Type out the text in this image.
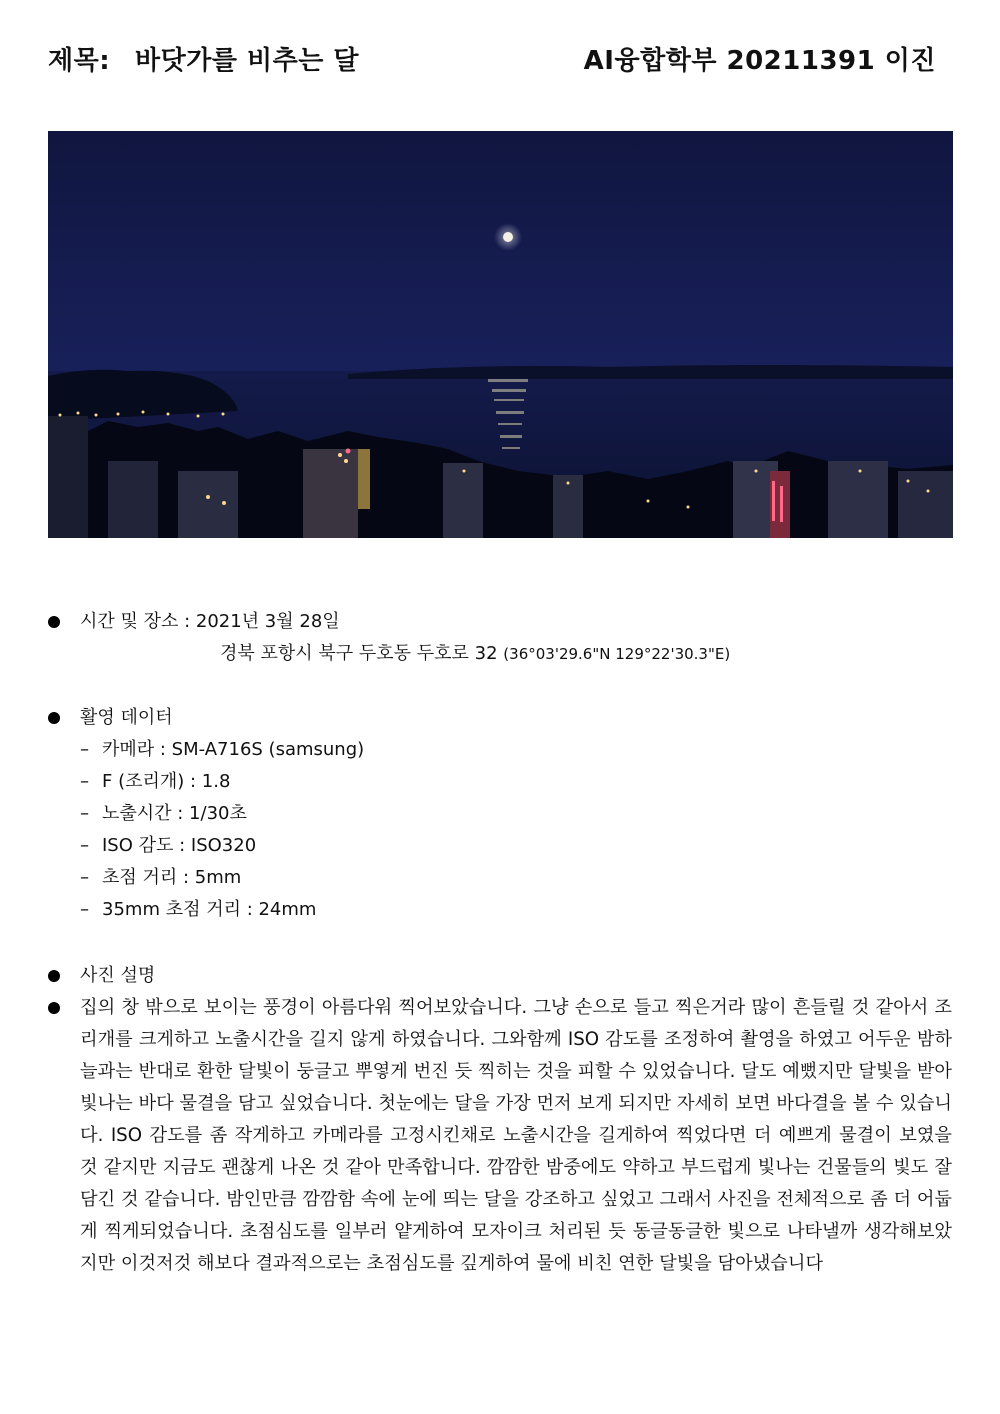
제목: 바닷가를 비추는 달	AI융합학부 20211391 이진
시간 및 장소 : 2021년 3월 28일
경북 포항시 북구 두호동 두호로 32 (36°03'29.6"N 129°22'30.3"E)
활영 데이터
– 카메라 : SM-A716S (samsung)
– F (조리개) : 1.8
– 노출시간 : 1/30초
– ISO 감도 : ISO320
– 초점 거리 : 5mm
– 35mm 초점 거리 : 24mm
사진 설명
집의 창 밖으로 보이는 풍경이 아름다워 찍어보았습니다. 그냥 손으로 들고 찍은거라 많이 흔들릴 것 같아서 조리개를 크게하고 노출시간을 길지 않게 하였습니다. 그와함께 ISO 감도를 조정하여 촬영을 하였고 어두운 밤하늘과는 반대로 환한 달빛이 둥글고 뿌옇게 번진 듯 찍히는 것을 피할 수 있었습니다. 달도 예뻤지만 달빛을 받아 빛나는 바다 물결을 담고 싶었습니다. 첫눈에는 달을 가장 먼저 보게 되지만 자세히 보면 바다결을 볼 수 있습니다. ISO 감도를 좀 작게하고 카메라를 고정시킨채로 노출시간을 길게하여 찍었다면 더 예쁘게 물결이 보였을 것 같지만 지금도 괜찮게 나온 것 같아 만족합니다. 깜깜한 밤중에도 약하고 부드럽게 빛나는 건물들의 빛도 잘 담긴 것 같습니다. 밤인만큼 깜깜함 속에 눈에 띄는 달을 강조하고 싶었고 그래서 사진을 전체적으로 좀 더 어둡게 찍게되었습니다. 초점심도를 일부러 얕게하여 모자이크 처리된 듯 동글동글한 빛으로 나타낼까 생각해보았지만 이것저것 해보다 결과적으로는 초점심도를 깊게하여 물에 비친 연한 달빛을 담아냈습니다
